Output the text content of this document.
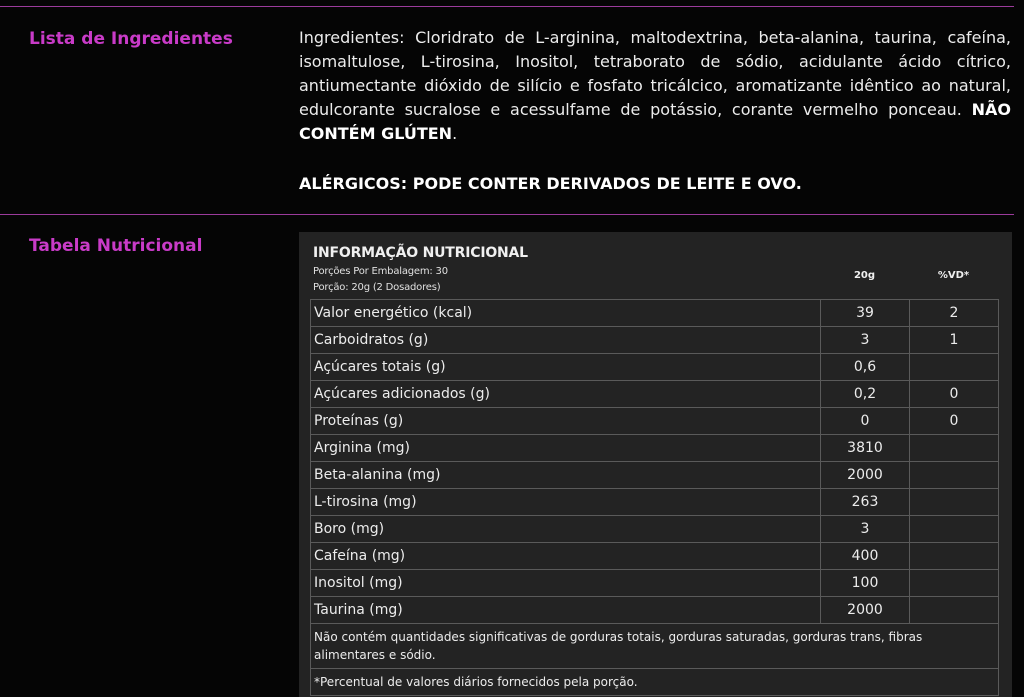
Lista de Ingredientes	Ingredientes: Cloridrato de L-arginina, maltodextrina, beta-alanina, taurina, cafeína, isomaltulose, L-tirosina, Inositol, tetraborato de sódio, acidulante ácido cítrico, antiumectante dióxido de silício e fosfato tricálcico, aromatizante idêntico ao natural, edulcorante sucralose e acessulfame de potássio, corante vermelho ponceau. NÃO CONTÉM GLÚTEN.
ALÉRGICOS: PODE CONTER DERIVADOS DE LEITE E OVO.
Tabela Nutricional	INFORMAÇÃO NUTRICIONAL
Porções Por Embalagem: 30
Porção: 20g (2 Dosadores)
20g	%VD*
Valor energético (kcal)	39	2
Carboidratos (g)	3	1
Açúcares totais (g)	0,6	
Açúcares adicionados (g)	0,2	0
Proteínas (g)	0	0
Arginina (mg)	3810	
Beta-alanina (mg)	2000	
L-tirosina (mg)	263	
Boro (mg)	3	
Cafeína (mg)	400	
Inositol (mg)	100	
Taurina (mg)	2000	
Não contém quantidades significativas de gorduras totais, gorduras saturadas, gorduras trans, fibras alimentares e sódio.		
*Percentual de valores diários fornecidos pela porção.		
